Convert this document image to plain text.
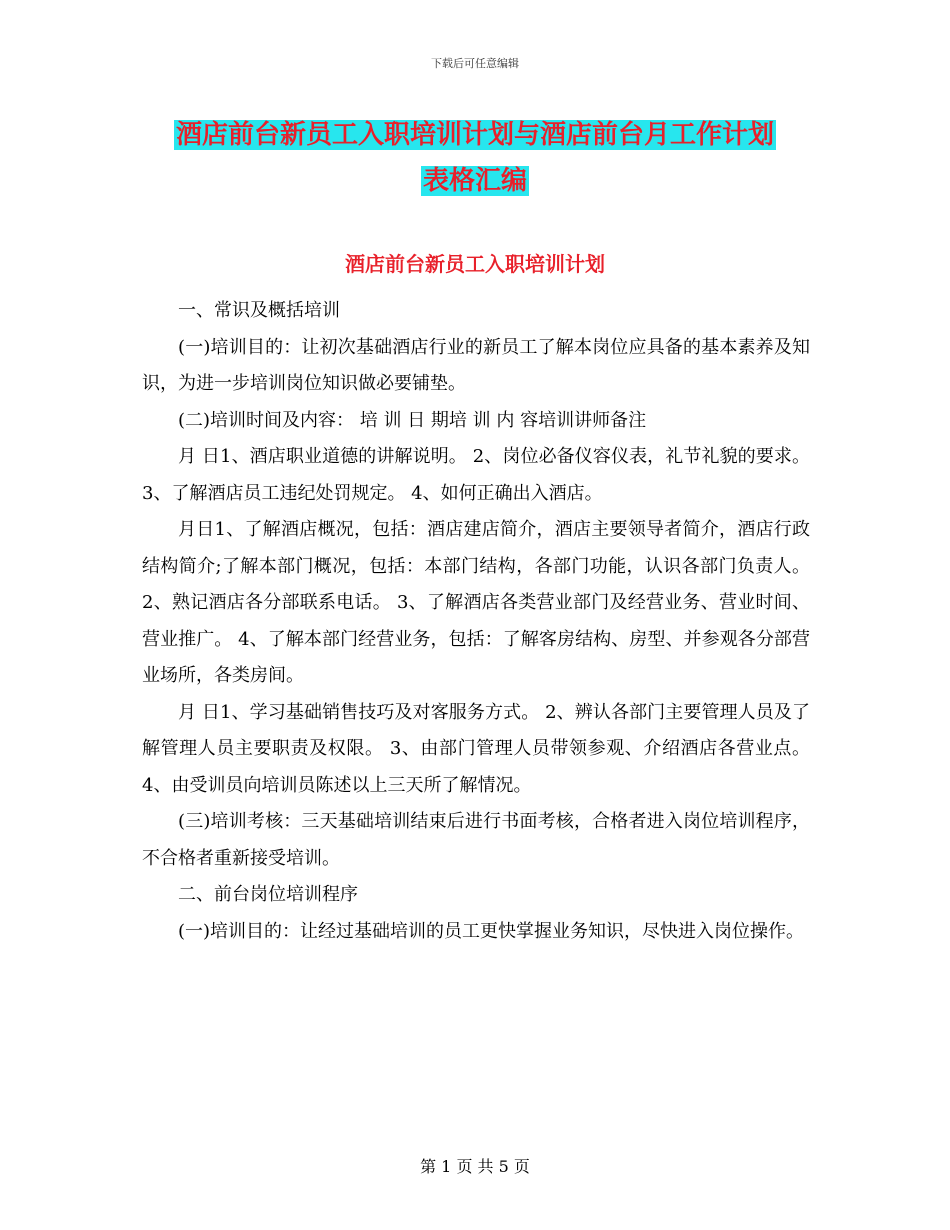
下载后可任意编辑
酒店前台新员工入职培训计划与酒店前台月工作计划
表格汇编
酒店前台新员工入职培训计划

一、常识及概括培训

(一)培训目的：让初次基础酒店行业的新员工了解本岗位应具备的基本素养及知识，为进一步培训岗位知识做必要铺垫。

(二)培训时间及内容： 培 训 日 期培 训 内 容培训讲师备注

月 日1、酒店职业道德的讲解说明。 2、岗位必备仪容仪表，礼节礼貌的要求。 3、了解酒店员工违纪处罚规定。 4、如何正确出入酒店。

月日1、了解酒店概况，包括：酒店建店简介，酒店主要领导者简介，酒店行政结构简介;了解本部门概况，包括：本部门结构，各部门功能，认识各部门负责人。 2、熟记酒店各分部联系电话。 3、了解酒店各类营业部门及经营业务、营业时间、营业推广。 4、了解本部门经营业务，包括：了解客房结构、房型、并参观各分部营业场所，各类房间。

月 日1、学习基础销售技巧及对客服务方式。 2、辨认各部门主要管理人员及了解管理人员主要职责及权限。 3、由部门管理人员带领参观、介绍酒店各营业点。 4、由受训员向培训员陈述以上三天所了解情况。

(三)培训考核：三天基础培训结束后进行书面考核，合格者进入岗位培训程序，不合格者重新接受培训。

二、前台岗位培训程序

(一)培训目的：让经过基础培训的员工更快掌握业务知识，尽快进入岗位操作。

第 1 页 共 5 页
